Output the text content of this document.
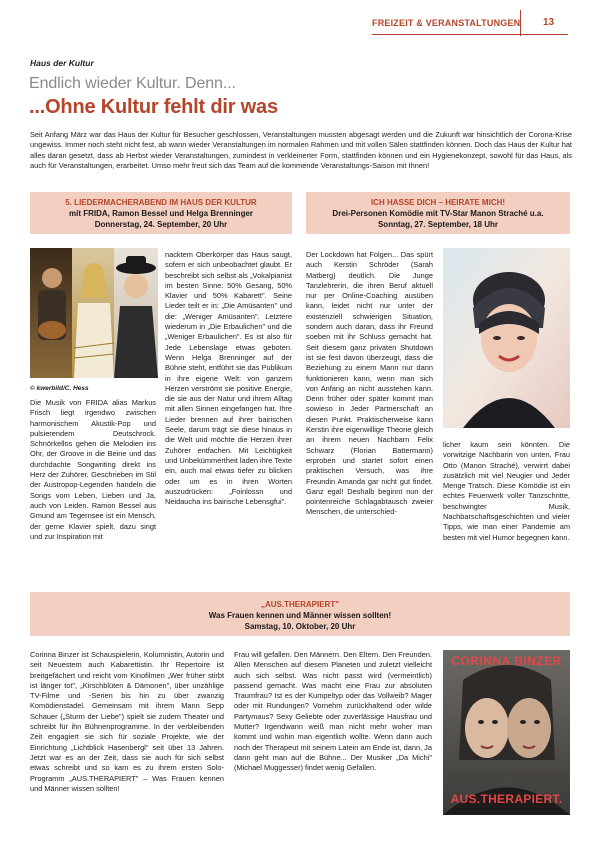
FREIZEIT & VERANSTALTUNGEN 13
Haus der Kultur
Endlich wieder Kultur. Denn...
...Ohne Kultur fehlt dir was

Seit Anfang März war das Haus der Kultur für Besucher geschlossen, Veranstaltungen mussten abgesagt werden und die Zukunft war hinsichtlich der Corona-Krise ungewiss. Immer noch steht nicht fest, ab wann wieder Veranstaltungen im normalen Rahmen und mit vollen Sälen stattfinden können. Doch das Haus der Kultur hat alles daran gesetzt, dass ab Herbst wieder Veranstaltungen, zumindest in verkleinerter Form, stattfinden können und ein Hygienekonzept, sowohl für das Haus, als auch für Veranstaltungen, erarbeitet. Umso mehr freut sich das Team auf die kommende Veranstaltungs-Saison mit Ihnen!

5. LIEDERMACHERABEND IM HAUS DER KULTUR
mit FRIDA, Ramon Bessel und Helga Brenninger
Donnerstag, 24. September, 20 Uhr
ICH HASSE DICH – HEIRATE MICH!
Drei-Personen Komödie mit TV-Star Manon Straché u.a.
Sonntag, 27. September, 18 Uhr
© kwerbild/C. Hess

Die Musik von FRIDA alias Markus Frisch liegt irgendwo zwischen harmonischem Akustik-Pop und pulsierendem Deutschrock. Schnörkellos gehen die Melodien ins Ohr, der Groove in die Beine und das durchdachte Songwriting direkt ins Herz der Zuhörer. Geschrieben im Stil der Austropop-Legenden handeln die Songs vom Leben, Lieben und Ja, auch von Leiden. Ramon Bessel aus Gmund am Tegernsee ist ein Mensch, der gerne Klavier spielt, dazu singt und zur Inspiration mit

nacktem Oberkörper das Haus saugt, sofern er sich unbeobachtet glaubt. Er beschreibt sich selbst als „Vokalpianist im besten Sinne: 50% Gesang, 50% Klavier und 50% Kabarett". Seine Lieder teilt er in: „Die Amüsanten" und die: „Weniger Amüsanten". Letztere wiederum in „Die Erbaulichen" und die „Weniger Erbaulichen". Es ist also für Jede Lebenslage etwas geboten. Wenn Helga Brenninger auf der Bühne steht, entführt sie das Publikum in ihre eigene Welt: von ganzem Herzen verströmt sie positive Energie, die sie aus der Natur und ihrem Alltag mit allen Sinnen eingefangen hat. Ihre Lieder brennen auf ihrer bairischen Seele, darum trägt sie diese hinaus in die Welt und möchte die Herzen ihrer Zuhörer entfachen. Mit Leichtigkeit und Unbekümmertheit laden ihre Texte ein, auch mal etwas tiefer zu blicken oder um es in ihren Worten auszudrücken: „Foinlossn und Neidaucha ins bairische Lebensgfui".

Der Lockdown hat Folgen... Das spürt auch Kerstin Schröder (Sarah Matberg) deutlich. Die Junge Tanzlehrerin, die ihren Beruf aktuell nur per Online-Coaching ausüben kann, leidet nicht nur unter der existenziell schwierigen Situation, sondern auch daran, dass ihr Freund soeben mit ihr Schluss gemacht hat. Seit diesem ganz privaten Shutdown ist sie fest davon überzeugt, dass die Beziehung zu einem Mann nur dann funktionieren kann, wenn man sich von Anfang an nicht ausstehen kann. Denn früher oder später kommt man sowieso in Jeder Partnerschaft an diesen Punkt. Praktischerweise kann Kerstin ihre eigenwillige Theorie gleich an ihrem neuen Nachbarn Felix Schwarz (Florian Battermann) erproben und startet sofort einen praktischen Versuch, was ihre Freundin Amanda gar nicht gut findet. Ganz egal! Deshalb beginnt nun der pointenreiche Schlagabtausch zweier Menschen, die unterschied-

licher kaum sein könnten. Die vorwitzige Nachbarin von unten, Frau Otto (Manon Straché), verwirrt dabei zusätzlich mit viel Neugier und Jeder Menge Tratsch. Diese Komödie ist ein echtes Feuerwerk voller Tanzschritte, beschwingter Musik, Nachbarschaftsgeschichten und vieler Tipps, wie man einer Pandemie am besten mit viel Humor begegnen kann.

„AUS.THERAPIERT"
Was Frauen kennen und Männer wissen sollten!
Samstag, 10. Oktober, 20 Uhr

Corinna Binzer ist Schauspielerin, Kolumnistin, Autorin und seit Neuestem auch Kabarettistin. Ihr Repertoire ist breitgefächert und reicht vom Kinofilmen „Wer früher stirbt ist länger tot", „Kirschblüten & Dämonen", über unzählige TV-Filme und -Serien bis hin zu über zwanzig Komödienstadel. Gemeinsam mit ihrem Mann Sepp Schauer („Sturm der Liebe") spielt sie zudem Theater und schreibt für ihn Bühnenprogramme. In der verbleibenden Zeit engagiert sie sich für soziale Projekte, wie der Einrichtung „Lichtblick Hasenbergl" seit über 13 Jahren. Jetzt war es an der Zeit, dass sie auch für sich selbst etwas schreibt und so kam es zu ihrem ersten Solo-Programm „AUS.THERAPIERT" – Was Frauen kennen und Männer wissen sollten!

Frau will gefallen. Den Männern. Den Eltern. Den Freunden. Allen Menschen auf diesem Planeten und zuletzt vielleicht auch sich selbst. Was nicht passt wird (vermeintlich) passend gemacht. Was macht eine Frau zur absoluten Traumfrau? Ist es der Kumpeltyp oder das Vollweib? Mager oder mit Rundungen? Vornehm zurückhaltend oder wilde Partymaus? Sexy Geliebte oder zuverlässige Hausfrau und Mutter? Irgendwann weiß man nicht mehr woher man kommt und wohin man eigentlich wollte. Wenn dann auch noch der Therapeut mit seinem Latein am Ende ist, dann, Ja dann geht man auf die Bühne... Der Musiker „Da Michi" (Michael Muggesser) findet wenig Gefallen.

CORINNA BINZER
AUS.THERAPIERT.
